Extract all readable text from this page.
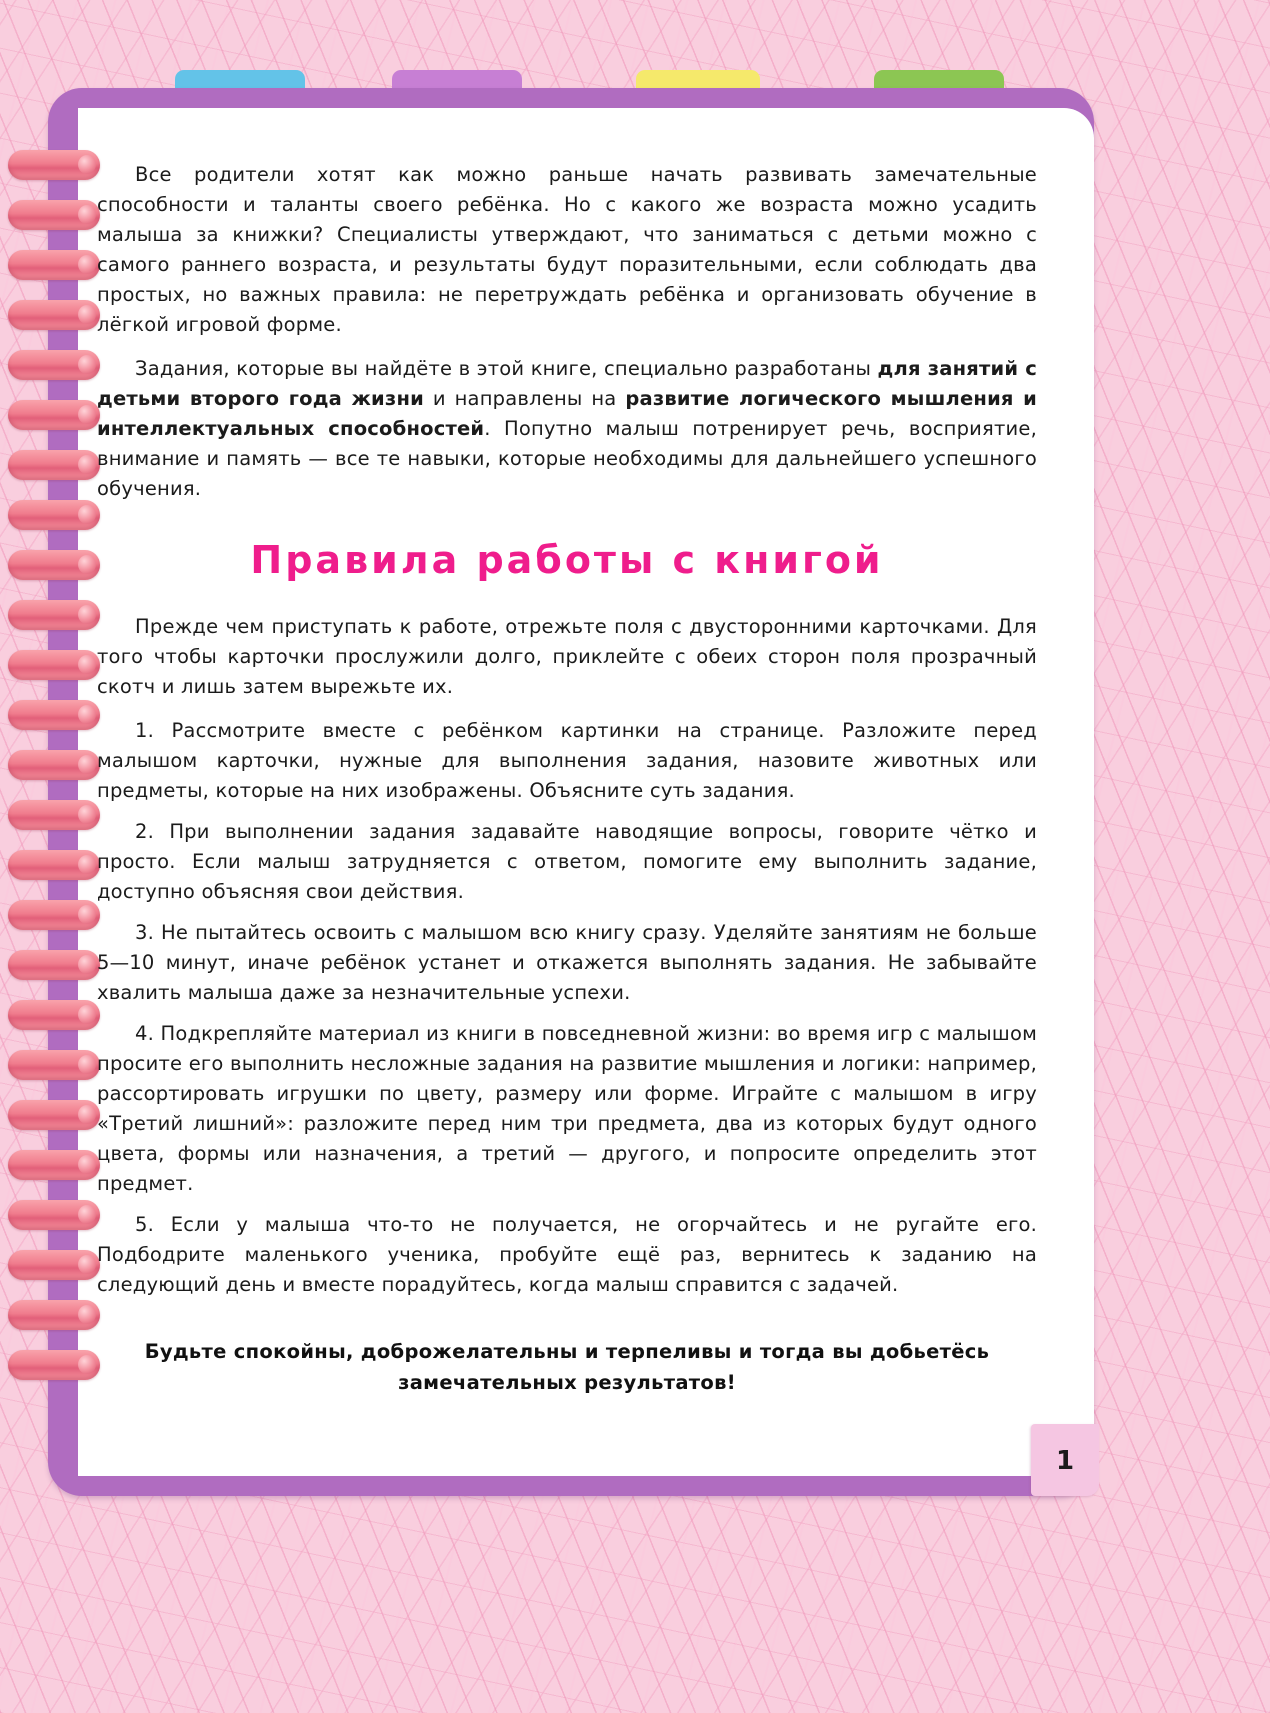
Все родители хотят как можно раньше начать развивать замечательные способности и таланты своего ребёнка. Но с какого же возраста можно усадить малыша за книжки? Специалисты утверждают, что заниматься с детьми можно с самого раннего возраста, и результаты будут поразительными, если соблюдать два простых, но важных правила: не перетруждать ребёнка и организовать обучение в лёгкой игровой форме.

Задания, которые вы найдёте в этой книге, специально разработаны для занятий с детьми второго года жизни и направлены на развитие логического мышления и интеллектуальных способностей. Попутно малыш потренирует речь, восприятие, внимание и память — все те навыки, которые необходимы для дальнейшего успешного обучения.

Правила работы с книгой

Прежде чем приступать к работе, отрежьте поля с двусторонними карточками. Для того чтобы карточки прослужили долго, приклейте с обеих сторон поля прозрачный скотч и лишь затем вырежьте их.

1. Рассмотрите вместе с ребёнком картинки на странице. Разложите перед малышом карточки, нужные для выполнения задания, назовите животных или предметы, которые на них изображены. Объясните суть задания.

2. При выполнении задания задавайте наводящие вопросы, говорите чётко и просто. Если малыш затрудняется с ответом, помогите ему выполнить задание, доступно объясняя свои действия.

3. Не пытайтесь освоить с малышом всю книгу сразу. Уделяйте занятиям не больше 5—10 минут, иначе ребёнок устанет и откажется выполнять задания. Не забывайте хвалить малыша даже за незначительные успехи.

4. Подкрепляйте материал из книги в повседневной жизни: во время игр с малышом просите его выполнить несложные задания на развитие мышления и логики: например, рассортировать игрушки по цвету, размеру или форме. Играйте с малышом в игру «Третий лишний»: разложите перед ним три предмета, два из которых будут одного цвета, формы или назначения, а третий — другого, и попросите определить этот предмет.

5. Если у малыша что-то не получается, не огорчайтесь и не ругайте его. Подбодрите маленького ученика, пробуйте ещё раз, вернитесь к заданию на следующий день и вместе порадуйтесь, когда малыш справится с задачей.

Будьте спокойны, доброжелательны и терпеливы и тогда вы добьетёсь замечательных результатов!

1
